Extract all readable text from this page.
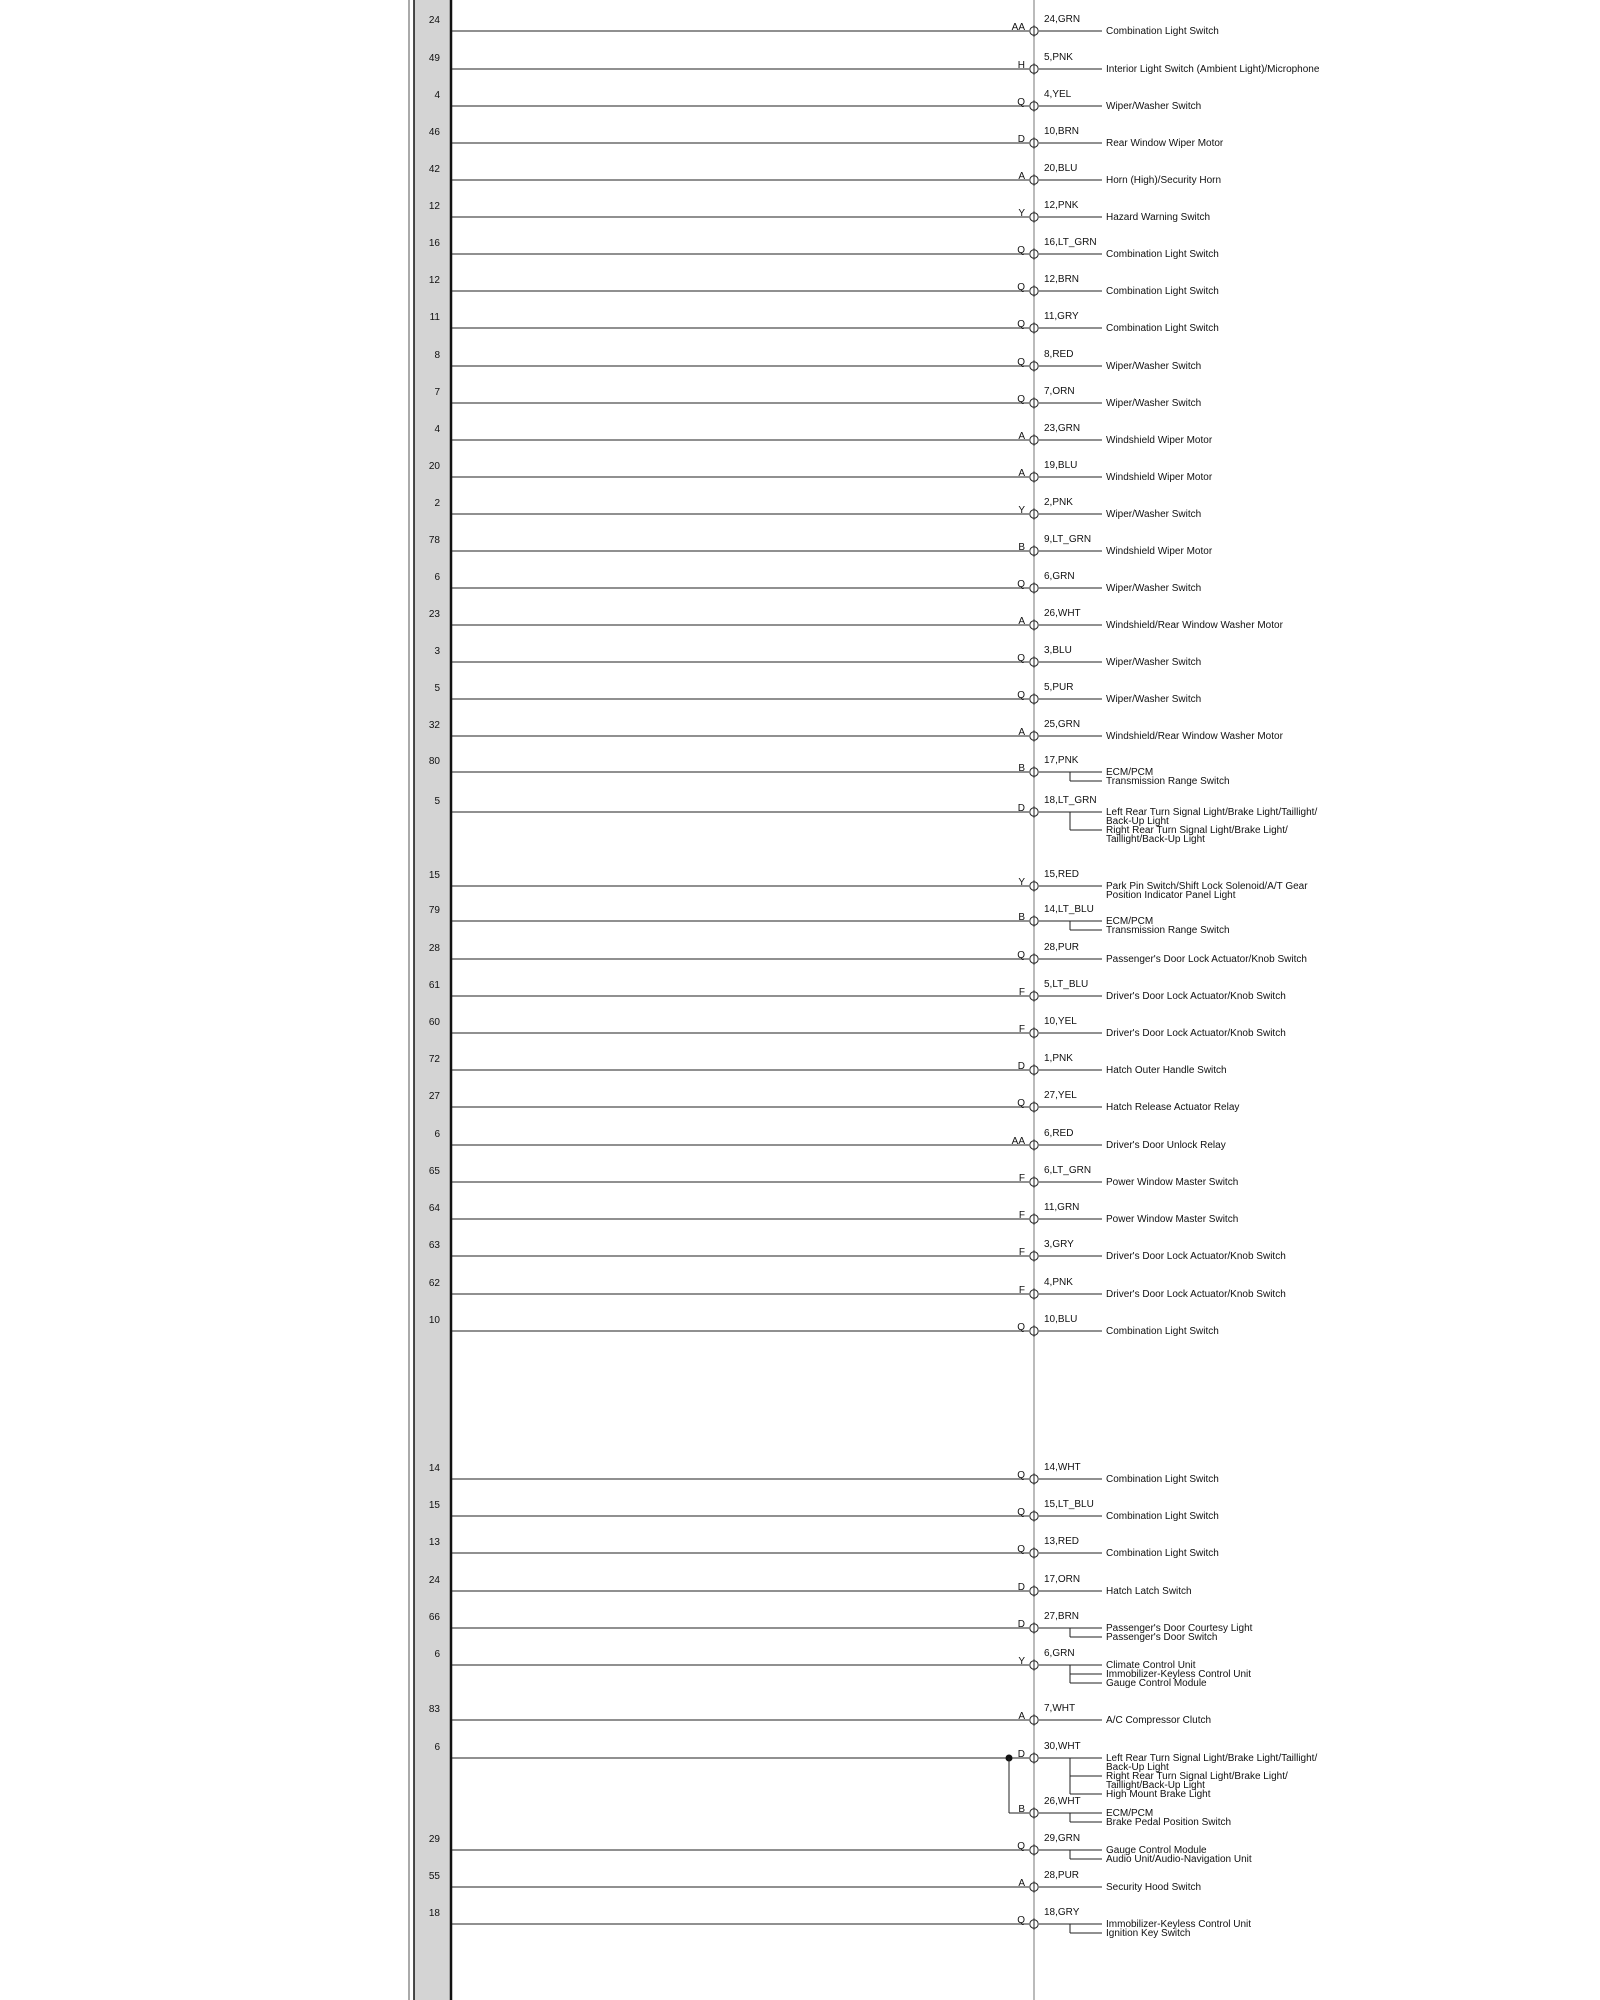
24
AA
24,GRN
Combination Light Switch
49
H
5,PNK
Interior Light Switch (Ambient Light)/Microphone
4
Q
4,YEL
Wiper/Washer Switch
46
D
10,BRN
Rear Window Wiper Motor
42
A
20,BLU
Horn (High)/Security Horn
12
Y
12,PNK
Hazard Warning Switch
16
Q
16,LT_GRN
Combination Light Switch
12
Q
12,BRN
Combination Light Switch
11
Q
11,GRY
Combination Light Switch
8
Q
8,RED
Wiper/Washer Switch
7
Q
7,ORN
Wiper/Washer Switch
4
A
23,GRN
Windshield Wiper Motor
20
A
19,BLU
Windshield Wiper Motor
2
Y
2,PNK
Wiper/Washer Switch
78
B
9,LT_GRN
Windshield Wiper Motor
6
Q
6,GRN
Wiper/Washer Switch
23
A
26,WHT
Windshield/Rear Window Washer Motor
3
Q
3,BLU
Wiper/Washer Switch
5
Q
5,PUR
Wiper/Washer Switch
32
A
25,GRN
Windshield/Rear Window Washer Motor
80
B
17,PNK
ECM/PCM
Transmission Range Switch
5
D
18,LT_GRN
Left Rear Turn Signal Light/Brake Light/Taillight/
Back-Up Light
Right Rear Turn Signal Light/Brake Light/
Taillight/Back-Up Light
15
Y
15,RED
Park Pin Switch/Shift Lock Solenoid/A/T Gear
Position Indicator Panel Light
79
B
14,LT_BLU
ECM/PCM
Transmission Range Switch
28
Q
28,PUR
Passenger's Door Lock Actuator/Knob Switch
61
F
5,LT_BLU
Driver's Door Lock Actuator/Knob Switch
60
F
10,YEL
Driver's Door Lock Actuator/Knob Switch
72
D
1,PNK
Hatch Outer Handle Switch
27
Q
27,YEL
Hatch Release Actuator Relay
6
AA
6,RED
Driver's Door Unlock Relay
65
F
6,LT_GRN
Power Window Master Switch
64
F
11,GRN
Power Window Master Switch
63
F
3,GRY
Driver's Door Lock Actuator/Knob Switch
62
F
4,PNK
Driver's Door Lock Actuator/Knob Switch
10
Q
10,BLU
Combination Light Switch
14
Q
14,WHT
Combination Light Switch
15
Q
15,LT_BLU
Combination Light Switch
13
Q
13,RED
Combination Light Switch
24
D
17,ORN
Hatch Latch Switch
66
D
27,BRN
Passenger's Door Courtesy Light
Passenger's Door Switch
6
Y
6,GRN
Climate Control Unit
Immobilizer-Keyless Control Unit
Gauge Control Module
83
A
7,WHT
A/C Compressor Clutch
6
D
30,WHT
Left Rear Turn Signal Light/Brake Light/Taillight/
Back-Up Light
Right Rear Turn Signal Light/Brake Light/
Taillight/Back-Up Light
High Mount Brake Light
B
26,WHT
ECM/PCM
Brake Pedal Position Switch
29
Q
29,GRN
Gauge Control Module
Audio Unit/Audio-Navigation Unit
55
A
28,PUR
Security Hood Switch
18
Q
18,GRY
Immobilizer-Keyless Control Unit
Ignition Key Switch
